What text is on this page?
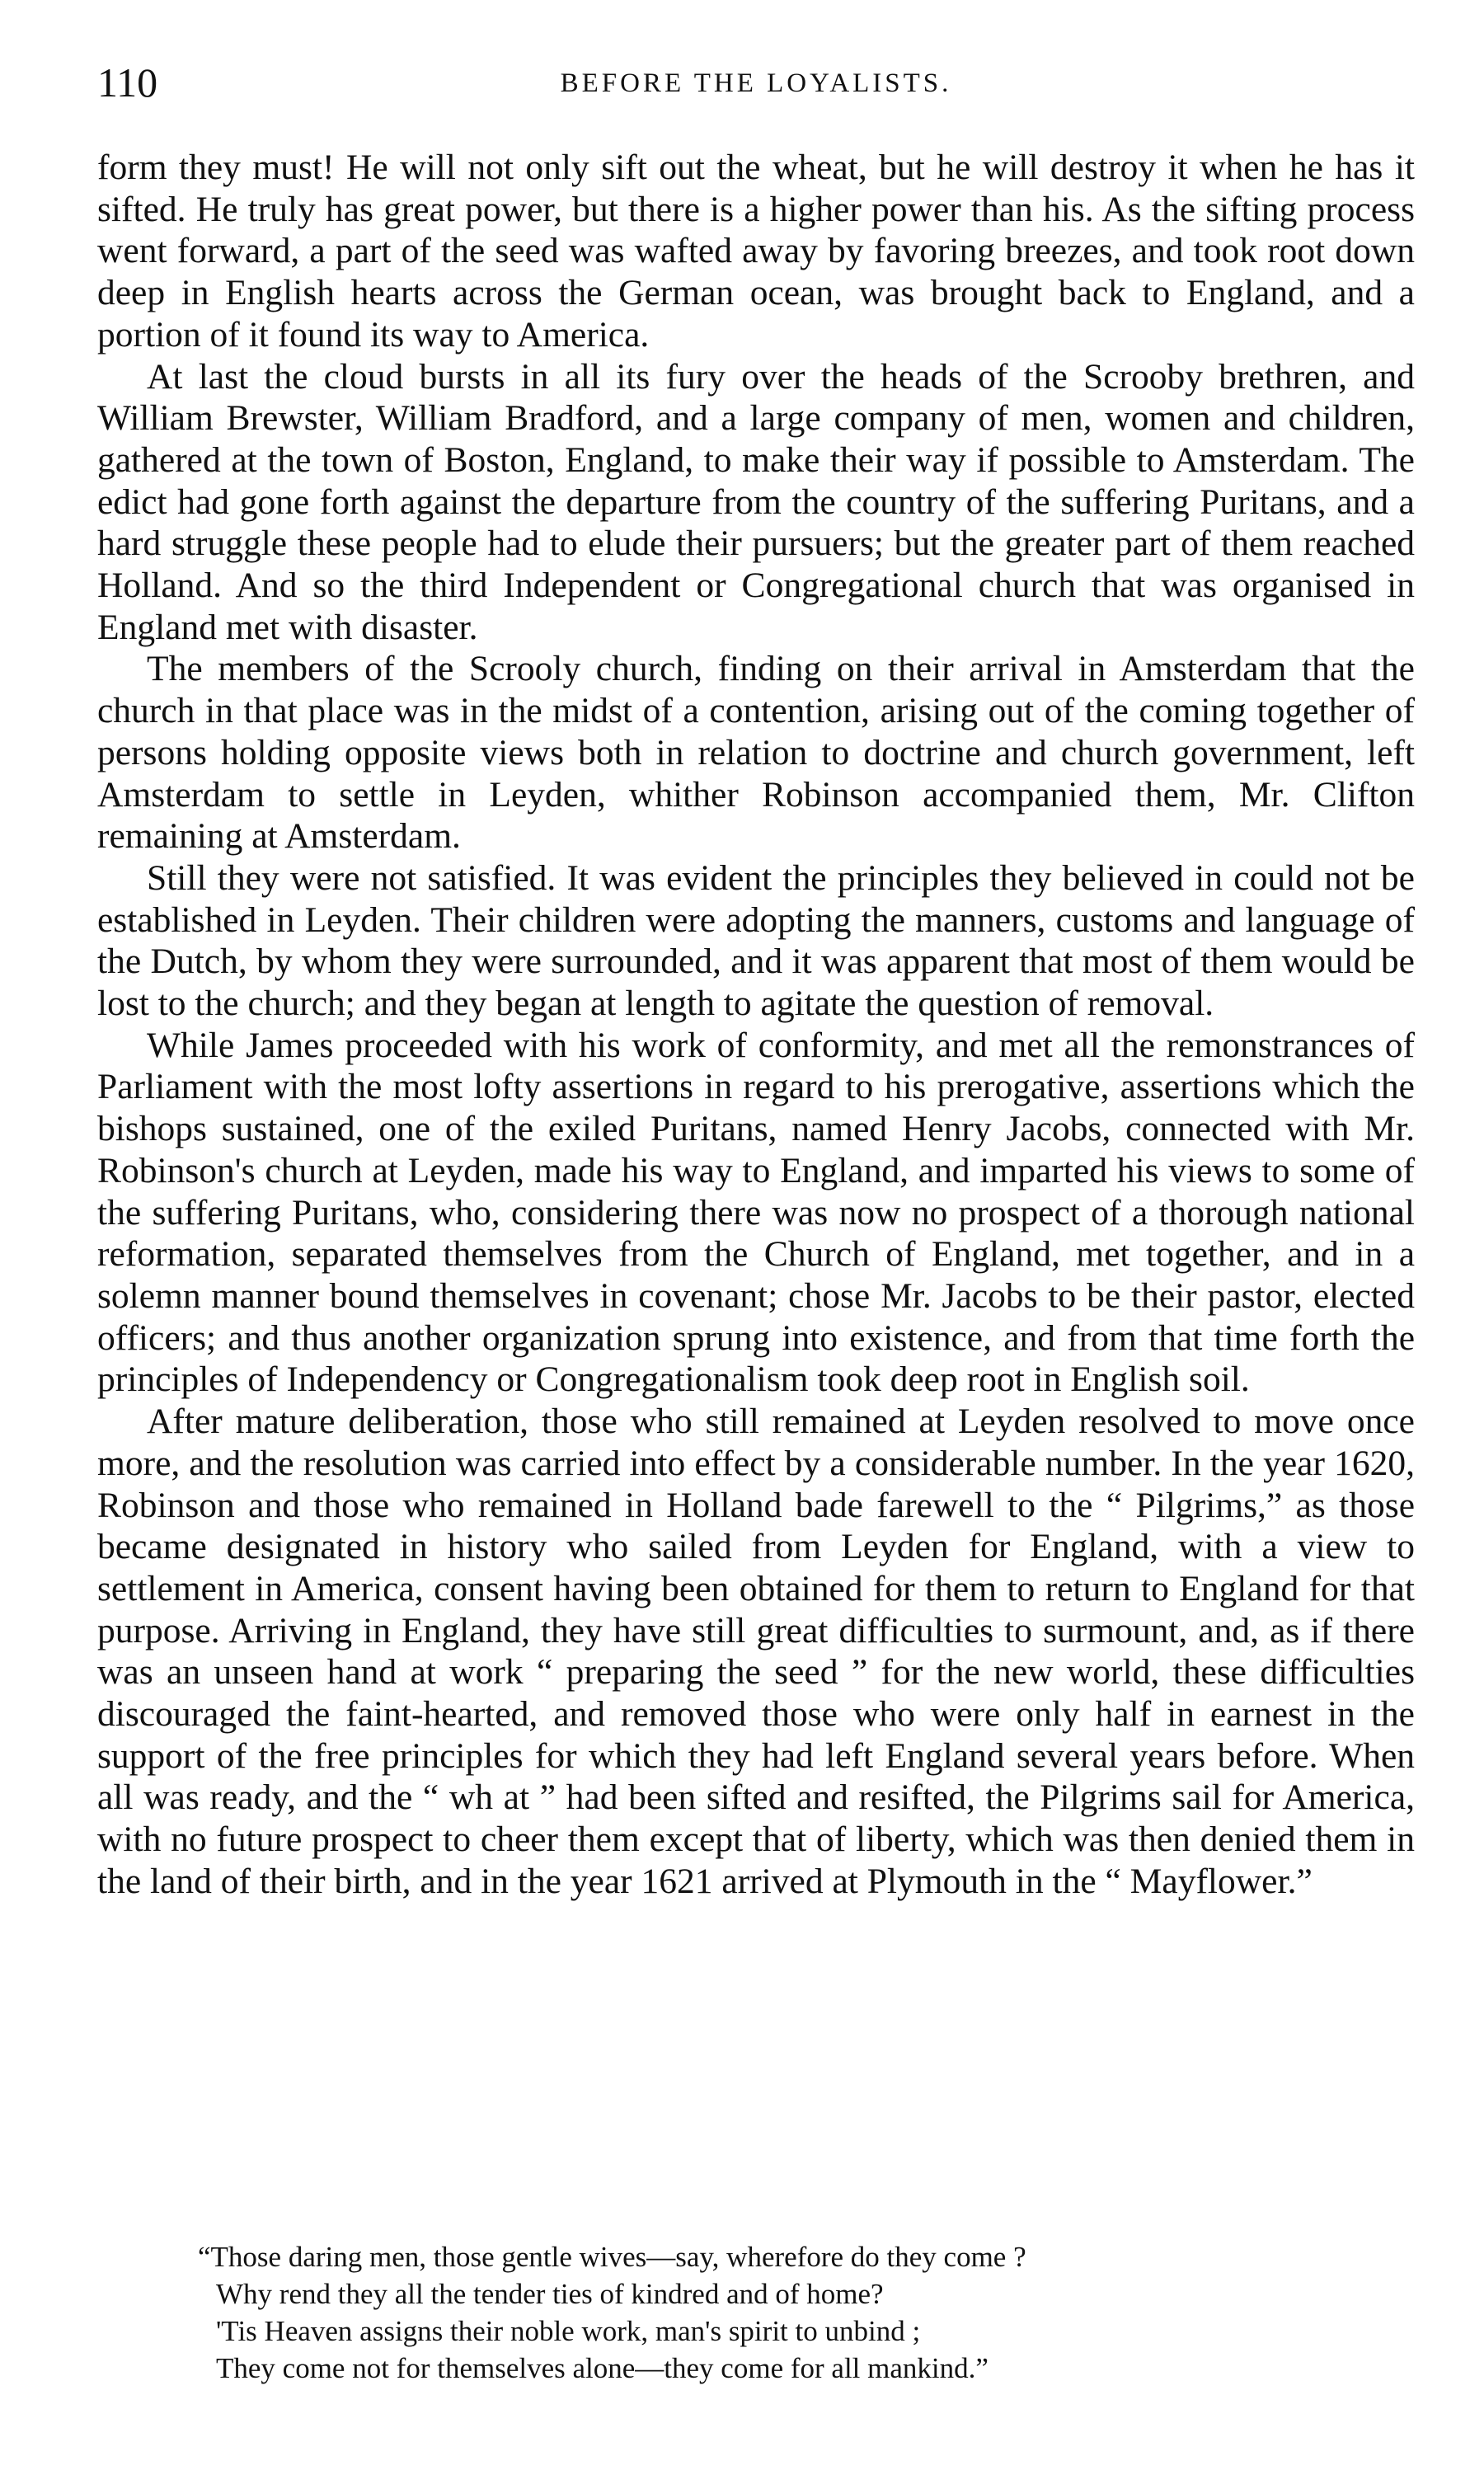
110	BEFORE THE LOYALISTS.

form they must! He will not only sift out the wheat, but he will destroy it when he has it sifted. He truly has great power, but there is a higher power than his. As the sifting process went forward, a part of the seed was wafted away by favoring breezes, and took root down deep in English hearts across the German ocean, was brought back to England, and a portion of it found its way to America.

At last the cloud bursts in all its fury over the heads of the Scrooby brethren, and William Brewster, William Bradford, and a large company of men, women and children, gathered at the town of Boston, England, to make their way if possible to Amsterdam. The edict had gone forth against the departure from the country of the suffering Puritans, and a hard struggle these people had to elude their pursuers; but the greater part of them reached Holland. And so the third Independent or Congregational church that was organised in England met with disaster.

The members of the Scrooly church, finding on their arrival in Amsterdam that the church in that place was in the midst of a contention, arising out of the coming together of persons holding opposite views both in relation to doctrine and church government, left Amsterdam to settle in Leyden, whither Robinson accompanied them, Mr. Clifton remaining at Amsterdam.

Still they were not satisfied. It was evident the principles they believed in could not be established in Leyden. Their children were adopting the manners, customs and language of the Dutch, by whom they were surrounded, and it was apparent that most of them would be lost to the church; and they began at length to agitate the question of removal.

While James proceeded with his work of conformity, and met all the remonstrances of Parliament with the most lofty assertions in regard to his prerogative, assertions which the bishops sustained, one of the exiled Puritans, named Henry Jacobs, connected with Mr. Robinson's church at Leyden, made his way to England, and imparted his views to some of the suffering Puritans, who, considering there was now no prospect of a thorough national reformation, separated themselves from the Church of England, met together, and in a solemn manner bound themselves in covenant; chose Mr. Jacobs to be their pastor, elected officers; and thus another organization sprung into existence, and from that time forth the principles of Independency or Congregationalism took deep root in English soil.

After mature deliberation, those who still remained at Leyden resolved to move once more, and the resolution was carried into effect by a considerable number. In the year 1620, Robinson and those who remained in Holland bade farewell to the “ Pilgrims,” as those became designated in history who sailed from Leyden for England, with a view to settlement in America, consent having been obtained for them to return to England for that purpose. Arriving in England, they have still great difficulties to surmount, and, as if there was an unseen hand at work “ preparing the seed ” for the new world, these difficulties discouraged the faint-hearted, and removed those who were only half in earnest in the support of the free principles for which they had left England several years before. When all was ready, and the “ wh at ” had been sifted and resifted, the Pilgrims sail for America, with no future prospect to cheer them except that of liberty, which was then denied them in the land of their birth, and in the year 1621 arrived at Plymouth in the “ Mayflower.”

“Those daring men, those gentle wives—say, wherefore do they come ?

Why rend they all the tender ties of kindred and of home?

'Tis Heaven assigns their noble work, man's spirit to unbind ;

They come not for themselves alone—they come for all mankind.”
